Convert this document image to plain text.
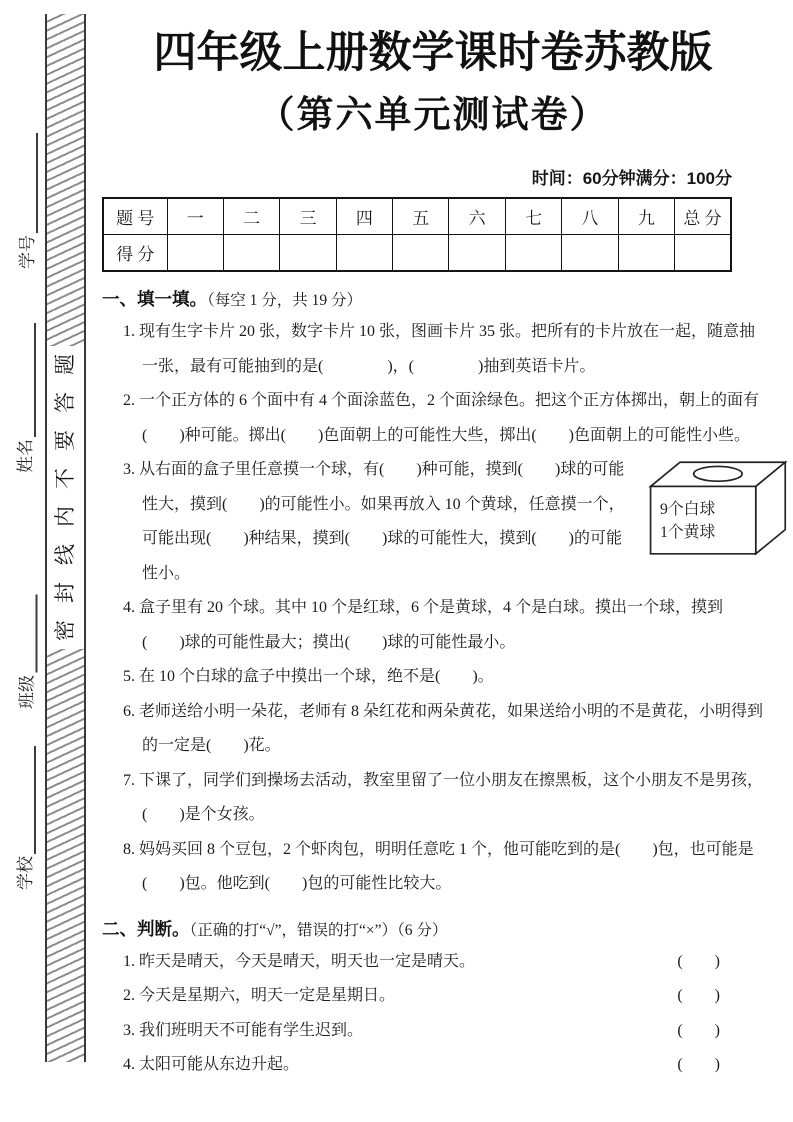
学号
姓名
班级
学校
题
答
要
不
内
线
封
密
四年级上册数学课时卷苏教版
（第六单元测试卷）
时间：60分钟满分：100分
题 号	一	二	三	四	五	六	七	八	九	总 分
得 分										
一、填一填。（每空 1 分，共 19 分）

1. 现有生字卡片 20 张，数字卡片 10 张，图画卡片 35 张。把所有的卡片放在一起，随意抽一张，最有可能抽到的是(　　　　)，(　　　　)抽到英语卡片。

2. 一个正方体的 6 个面中有 4 个面涂蓝色，2 个面涂绿色。把这个正方体掷出，朝上的面有(　　)种可能。掷出(　　)色面朝上的可能性大些，掷出(　　)色面朝上的可能性小些。

9个白球
1个黄球
3. 从右面的盒子里任意摸一个球，有(　　)种可能，摸到(　　)球的可能性大，摸到(　　)的可能性小。如果再放入 10 个黄球，任意摸一个，可能出现(　　)种结果，摸到(　　)球的可能性大，摸到(　　)的可能性小。

4. 盒子里有 20 个球。其中 10 个是红球，6 个是黄球，4 个是白球。摸出一个球，摸到(　　)球的可能性最大；摸出(　　)球的可能性最小。

5. 在 10 个白球的盒子中摸出一个球，绝不是(　　)。

6. 老师送给小明一朵花，老师有 8 朵红花和两朵黄花，如果送给小明的不是黄花，小明得到的一定是(　　)花。

7. 下课了，同学们到操场去活动，教室里留了一位小朋友在擦黑板，这个小朋友不是男孩，(　　)是个女孩。

8. 妈妈买回 8 个豆包，2 个虾肉包，明明任意吃 1 个，他可能吃到的是(　　)包，也可能是(　　)包。他吃到(　　)包的可能性比较大。

二、判断。（正确的打“√”，错误的打“×”）（6 分）
1. 昨天是晴天，今天是晴天，明天也一定是晴天。	(　　)
2. 今天是星期六，明天一定是星期日。	(　　)
3. 我们班明天不可能有学生迟到。	(　　)
4. 太阳可能从东边升起。	(　　)
